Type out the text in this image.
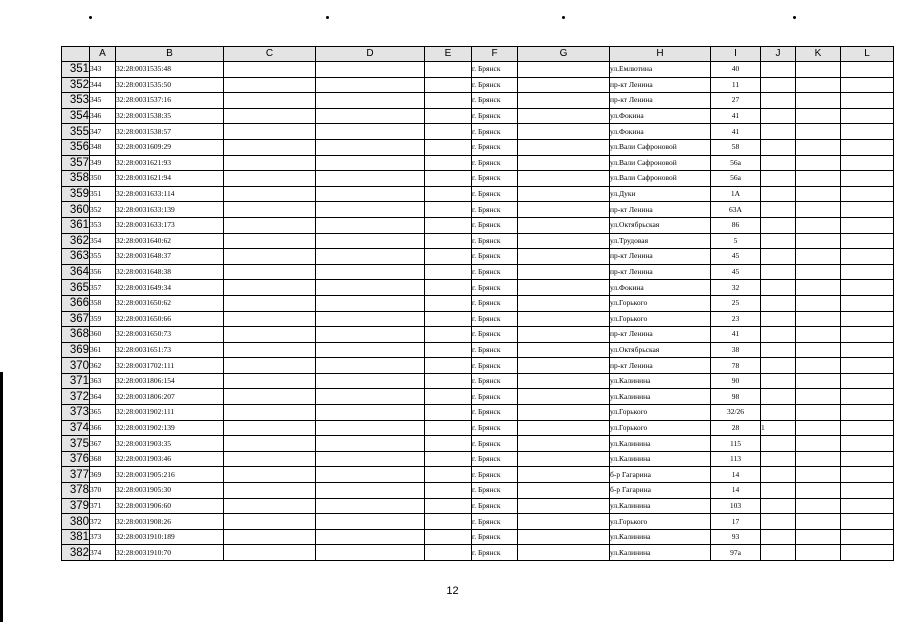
	A	B	C	D	E	F	G	H	I	J	K	L
351	343	32:28:0031535:48				г. Брянск		ул.Емлютина	40			
352	344	32:28:0031535:50				г. Брянск		пр-кт Ленина	11			
353	345	32:28:0031537:16				г. Брянск		пр-кт Ленина	27			
354	346	32:28:0031538:35				г. Брянск		ул.Фокина	41			
355	347	32:28:0031538:57				г. Брянск		ул.Фокина	41			
356	348	32:28:0031609:29				г. Брянск		ул.Вали Сафроновой	58			
357	349	32:28:0031621:93				г. Брянск		ул.Вали Сафроновой	56а			
358	350	32:28:0031621:94				г. Брянск		ул.Вали Сафроновой	56а			
359	351	32:28:0031633:114				г. Брянск		ул.Дуки	1А			
360	352	32:28:0031633:139				г. Брянск		пр-кт Ленина	63А			
361	353	32:28:0031633:173				г. Брянск		ул.Октябрьская	86			
362	354	32:28:0031640:62				г. Брянск		ул.Трудовая	5			
363	355	32:28:0031648:37				г. Брянск		пр-кт Ленина	45			
364	356	32:28:0031648:38				г. Брянск		пр-кт Ленина	45			
365	357	32:28:0031649:34				г. Брянск		ул.Фокина	32			
366	358	32:28:0031650:62				г. Брянск		ул.Горького	25			
367	359	32:28:0031650:66				г. Брянск		ул.Горького	23			
368	360	32:28:0031650:73				г. Брянск		пр-кт Ленина	41			
369	361	32:28:0031651:73				г. Брянск		ул.Октябрьская	38			
370	362	32:28:0031702:111				г. Брянск		пр-кт Ленина	78			
371	363	32:28:0031806:154				г. Брянск		ул.Калинина	90			
372	364	32:28:0031806:207				г. Брянск		ул.Калинина	98			
373	365	32:28:0031902:111				г. Брянск		ул.Горького	32/26			
374	366	32:28:0031902:139				г. Брянск		ул.Горького	28	1		
375	367	32:28:0031903:35				г. Брянск		ул.Калинина	115			
376	368	32:28:0031903:46				г. Брянск		ул.Калинина	113			
377	369	32:28:0031905:216				г. Брянск		б-р Гагарина	14			
378	370	32:28:0031905:30				г. Брянск		б-р Гагарина	14			
379	371	32:28:0031906:60				г. Брянск		ул.Калинина	103			
380	372	32:28:0031908:26				г. Брянск		ул.Горького	17			
381	373	32:28:0031910:189				г. Брянск		ул.Калинина	93			
382	374	32:28:0031910:70				г. Брянск		ул.Калинина	97а			
12
